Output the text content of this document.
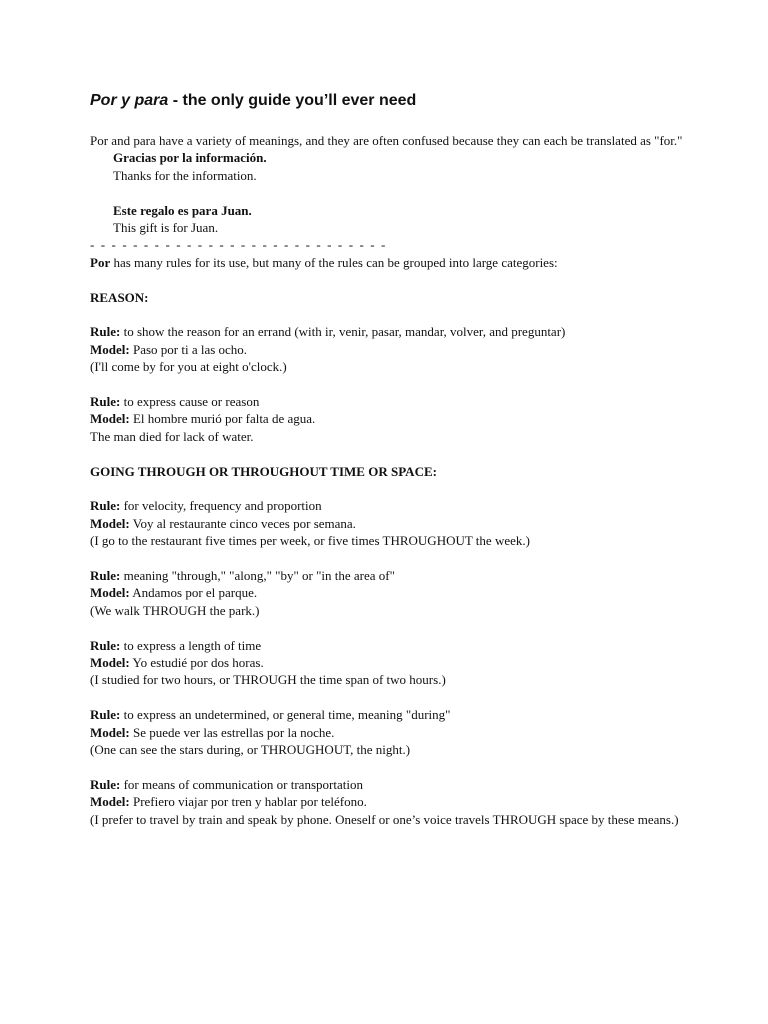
Por y para - the only guide you’ll ever need

Por and para have a variety of meanings, and they are often confused because they can each be translated as "for."

Gracias por la información.
Thanks for the information.
Este regalo es para Juan.
This gift is for Juan.
- - - - - - - - - - - - - - - - - - - - - - - - - - - -
Por has many rules for its use, but many of the rules can be grouped into large categories:
REASON:
Rule: to show the reason for an errand (with ir, venir, pasar, mandar, volver, and preguntar)
Model: Paso por ti a las ocho.
(I'll come by for you at eight o'clock.)
Rule: to express cause or reason
Model: El hombre murió por falta de agua.
The man died for lack of water.
GOING THROUGH OR THROUGHOUT TIME OR SPACE:
Rule: for velocity, frequency and proportion
Model: Voy al restaurante cinco veces por semana.
(I go to the restaurant five times per week, or five times THROUGHOUT the week.)
Rule: meaning "through," "along," "by" or "in the area of"
Model: Andamos por el parque.
(We walk THROUGH the park.)
Rule: to express a length of time
Model: Yo estudié por dos horas.
(I studied for two hours, or THROUGH the time span of two hours.)
Rule: to express an undetermined, or general time, meaning "during"
Model: Se puede ver las estrellas por la noche.
(One can see the stars during, or THROUGHOUT, the night.)
Rule: for means of communication or transportation
Model: Prefiero viajar por tren y hablar por teléfono.
(I prefer to travel by train and speak by phone. Oneself or one’s voice travels THROUGH space by these means.)
